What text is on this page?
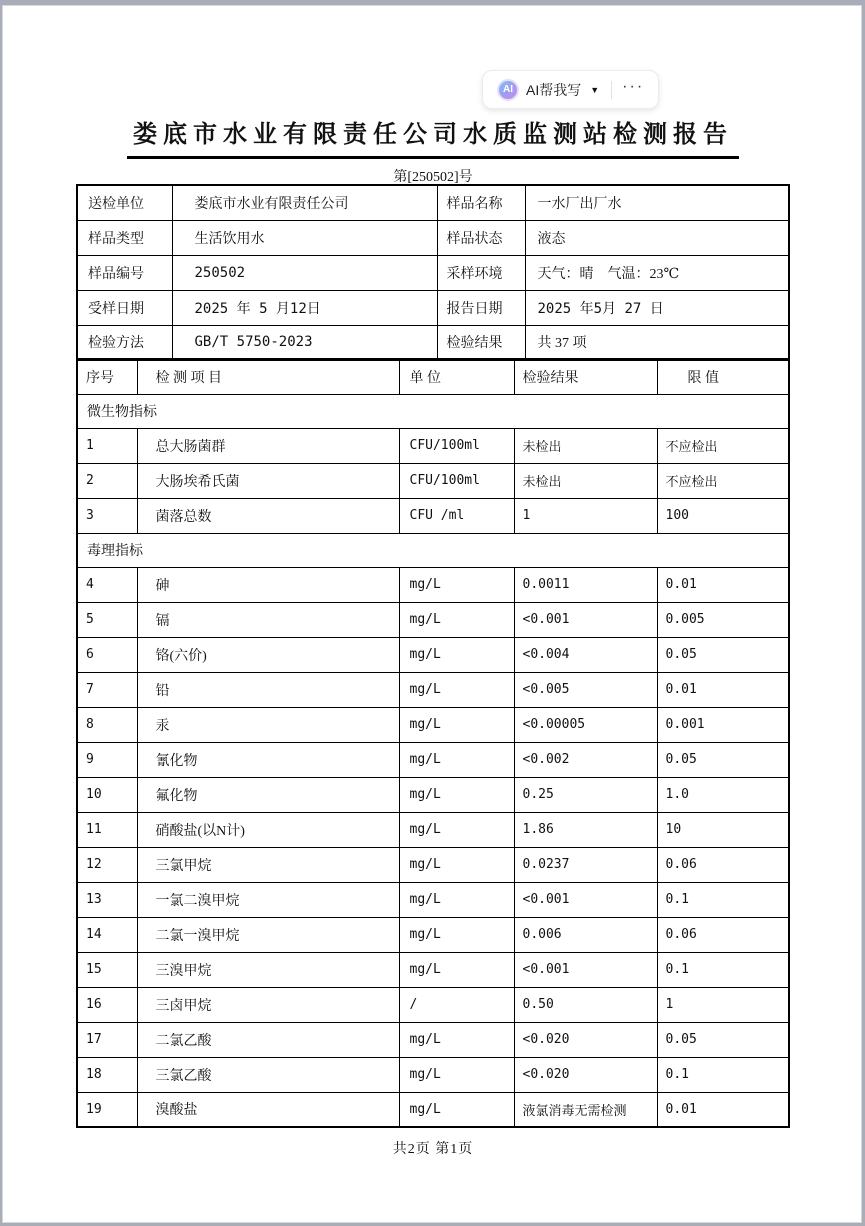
AI AI帮我写 ▼ ···
娄底市水业有限责任公司水质监测站检测报告
第[250502]号
送检单位	娄底市水业有限责任公司	样品名称	一水厂出厂水
样品类型	生活饮用水	样品状态	液态
样品编号	250502	采样环境	天气：晴　气温：23℃
受样日期	2025 年 5 月12日	报告日期	2025 年5月 27 日
检验方法	GB/T 5750-2023	检验结果	共 37 项
序号	检 测 项 目	单 位	检验结果	限 值
微生物指标				
1	总大肠菌群	CFU/100ml	未检出	不应检出
2	大肠埃希氏菌	CFU/100ml	未检出	不应检出
3	菌落总数	CFU /ml	1	100
毒理指标				
4	砷	mg/L	0.0011	0.01
5	镉	mg/L	<0.001	0.005
6	铬(六价)	mg/L	<0.004	0.05
7	铅	mg/L	<0.005	0.01
8	汞	mg/L	<0.00005	0.001
9	氰化物	mg/L	<0.002	0.05
10	氟化物	mg/L	0.25	1.0
11	硝酸盐(以N计)	mg/L	1.86	10
12	三氯甲烷	mg/L	0.0237	0.06
13	一氯二溴甲烷	mg/L	<0.001	0.1
14	二氯一溴甲烷	mg/L	0.006	0.06
15	三溴甲烷	mg/L	<0.001	0.1
16	三卤甲烷	/	0.50	1
17	二氯乙酸	mg/L	<0.020	0.05
18	三氯乙酸	mg/L	<0.020	0.1
19	溴酸盐	mg/L	液氯消毒无需检测	0.01
共2页 第1页
